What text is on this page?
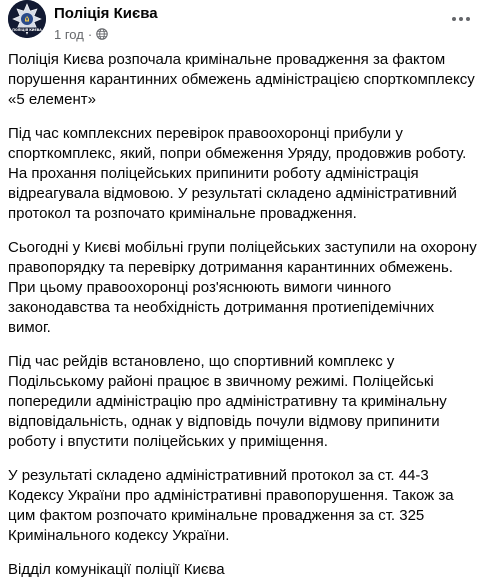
ПОЛІЦІЯ КИЄВА
Поліція Києва
1 год ·

Поліція Києва розпочала кримінальне провадження за фактом порушення карантинних обмежень адміністрацією спорткомплексу «5 елемент»

Під час комплексних перевірок правоохоронці прибули у спорткомплекс, який, попри обмеження Уряду, продовжив роботу. На прохання поліцейських припинити роботу адміністрація відреагувала відмовою. У результаті складено адміністративний протокол та розпочато кримінальне провадження.

Сьогодні у Києві мобільні групи поліцейських заступили на охорону правопорядку та перевірку дотримання карантинних обмежень. При цьому правоохоронці роз'яснюють вимоги чинного законодавства та необхідність дотримання протиепідемічних вимог.

Під час рейдів встановлено, що спортивний комплекс у Подільському районі працює в звичному режимі. Поліцейські попередили адміністрацію про адміністративну та кримінальну відповідальність, однак у відповідь почули відмову припинити роботу і впустити поліцейських у приміщення.

У результаті складено адміністративний протокол за ст. 44-3 Кодексу України про адміністративні правопорушення. Також за цим фактом розпочато кримінальне провадження за ст. 325 Кримінального кодексу України.

Відділ комунікації поліції Києва
